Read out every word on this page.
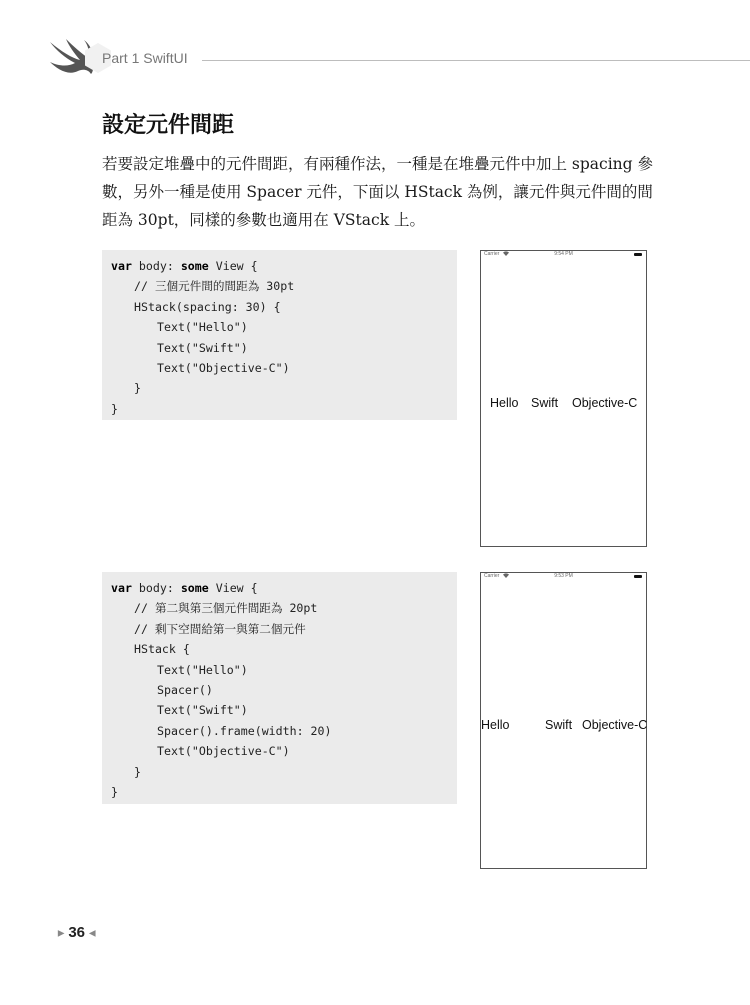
Part 1 SwiftUI
設定元件間距

若要設定堆疊中的元件間距，有兩種作法，一種是在堆疊元件中加上 spacing 參數，另外一種是使用 Spacer 元件，下面以 HStack 為例，讓元件與元件間的間距為 30pt，同樣的參數也適用在 VStack 上。

var body: some View {
// 三個元件間的間距為 30pt
HStack(spacing: 30) {
Text("Hello")
Text("Swift")
Text("Objective-C")
}
}
Carrier	9:54 PM
Hello Swift Objective-C
var body: some View {
// 第二與第三個元件間距為 20pt
// 剩下空間給第一與第二個元件
HStack {
Text("Hello")
Spacer()
Text("Swift")
Spacer().frame(width: 20)
Text("Objective-C")
}
}
Carrier	9:53 PM
Hello	Swift Objective-C
▶ 36 ◀
